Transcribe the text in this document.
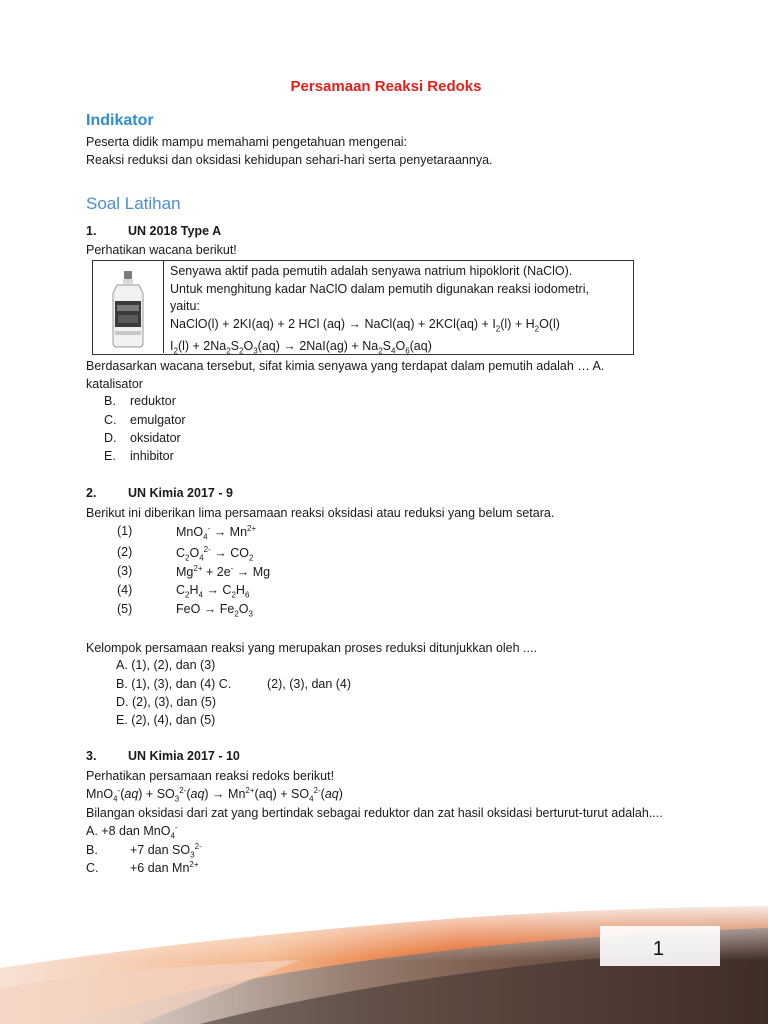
Persamaan Reaksi Redoks
Indikator
Peserta didik mampu memahami pengetahuan mengenai:
Reaksi reduksi dan oksidasi kehidupan sehari-hari serta penyetaraannya.
Soal Latihan
1.	UN 2018 Type A
Perhatikan wacana berikut!
Senyawa aktif pada pemutih adalah senyawa natrium hipoklorit (NaClO).
Untuk menghitung kadar NaClO dalam pemutih digunakan reaksi iodometri,
yaitu:
NaClO(l) + 2KI(aq) + 2 HCl (aq) → NaCl(aq) + $2KCl(aq) + I_2(l) + H_2O(l)$
$I_2(l) + 2Na_2S_2O_3(aq) \to 2NaI(ag) + Na_2S_4O_6(aq)$
Berdasarkan wacana tersebut, sifat kimia senyawa yang terdapat dalam pemutih adalah … A.
katalisator
B. reduktor
C. emulgator
D. oksidator
E. inhibitor
2.	UN Kimia 2017 - 9
Berikut ini diberikan lima persamaan reaksi oksidasi atau reduksi yang belum setara.
(1)	$MnO_4^- \to Mn^{2+}$
(2)	$C_2O_4^{2-} \to CO_2$
(3)	$Mg^{2+} + 2e^- \to Mg$
(4)	$C_2H_4 \to C_2H_6$
(5)	FeO → $Fe_2O_3$
Kelompok persamaan reaksi yang merupakan proses reduksi ditunjukkan oleh ....
A. (1), (2), dan (3)
B. (1), (3), dan (4) C.	(2), (3), dan (4)
D. (2), (3), dan (5)
E. (2), (4), dan (5)
3.	UN Kimia 2017 - 10
Perhatikan persamaan reaksi redoks berikut!
$MnO_4^-(aq) + SO_3^{2-}(aq) \to Mn^{2+}(aq) + SO_4^{2-}(aq)$
Bilangan oksidasi dari zat yang bertindak sebagai reduktor dan zat hasil oksidasi berturut-turut adalah....
A. +8 dan MnO$_4$-
B.	+7 dan $SO_3^{2-}$
C.	+6 dan $Mn^{2+}$
1
